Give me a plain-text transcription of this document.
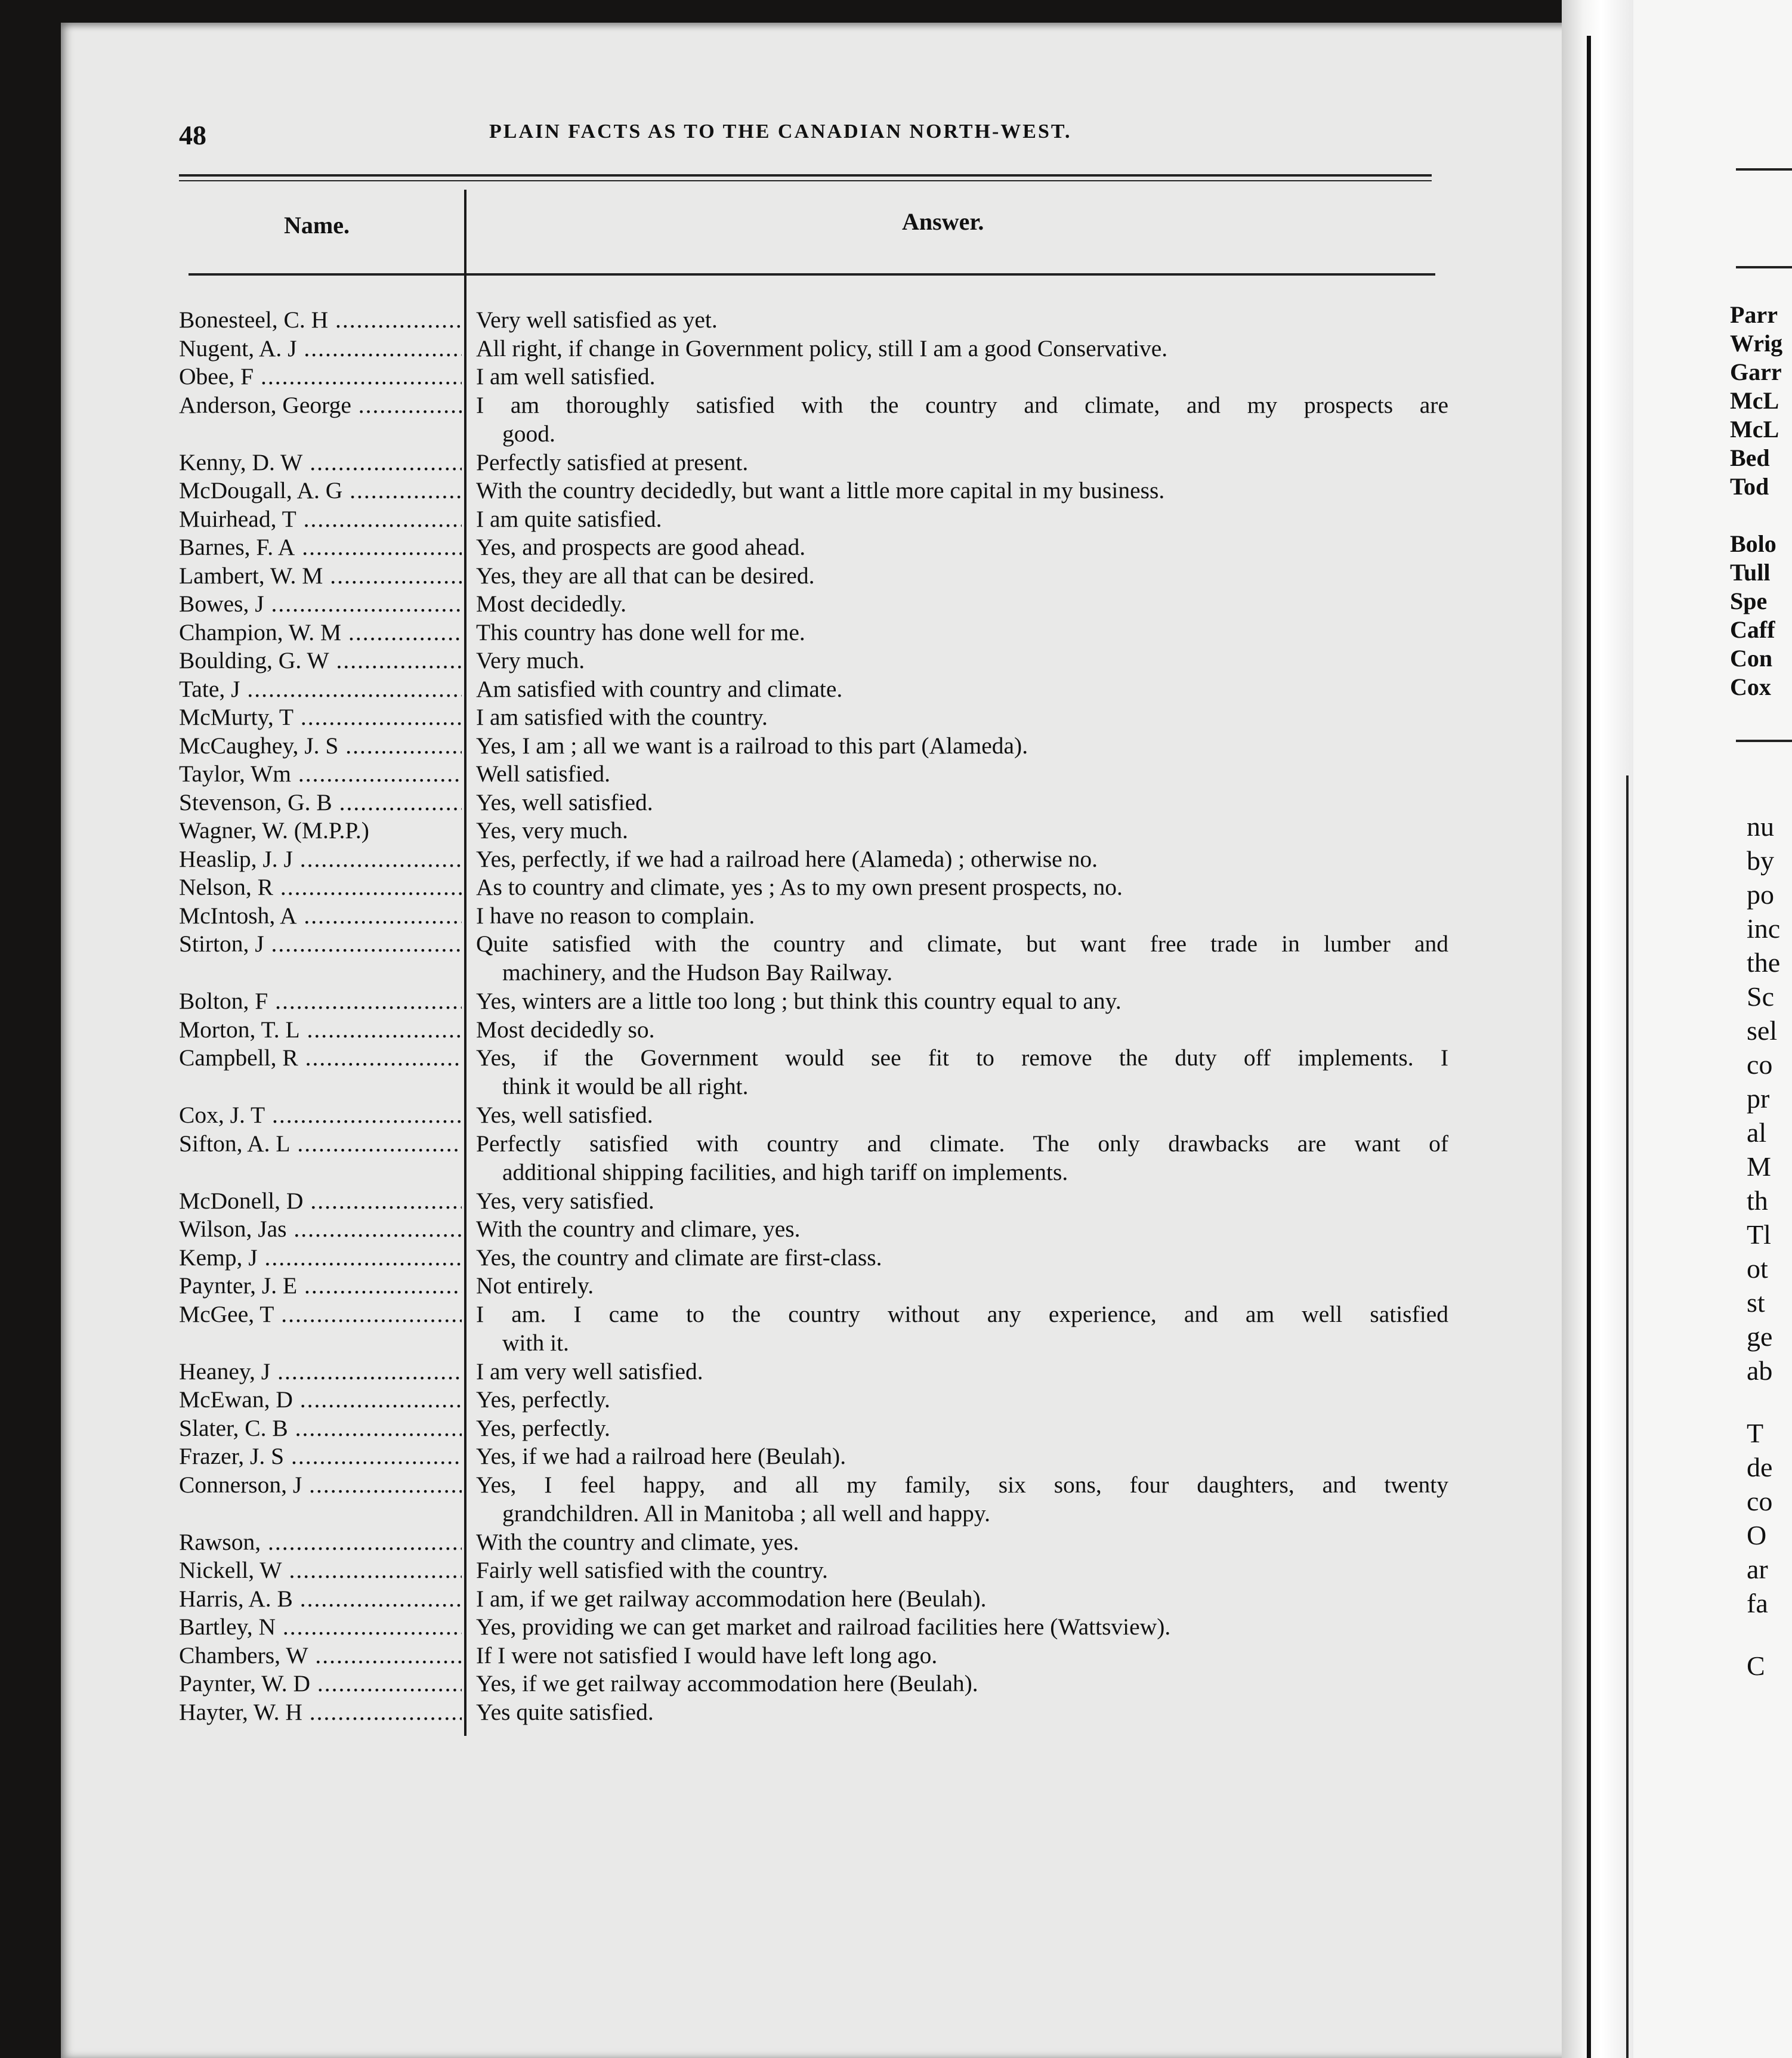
48	PLAIN FACTS AS TO THE CANADIAN NORTH-WEST.
Name.	Answer.
Bonesteel, C. H .....	Very well satisfied as yet.
Nugent, A. J .....	All right, if change in Government policy, still I am a good Conservative.
Obee, F .....	I am well satisfied.
Anderson, George .....	I am thoroughly satisfied with the country and climate, and my prospects are
good.
Kenny, D. W .....	Perfectly satisfied at present.
McDougall, A. G .....	With the country decidedly, but want a little more capital in my business.
Muirhead, T .....	I am quite satisfied.
Barnes, F. A .....	Yes, and prospects are good ahead.
Lambert, W. M .....	Yes, they are all that can be desired.
Bowes, J .....	Most decidedly.
Champion, W. M .....	This country has done well for me.
Boulding, G. W .....	Very much.
Tate, J .....	Am satisfied with country and climate.
McMurty, T .....	I am satisfied with the country.
McCaughey, J. S .....	Yes, I am ; all we want is a railroad to this part (Alameda).
Taylor, Wm .....	Well satisfied.
Stevenson, G. B .....	Yes, well satisfied.
Wagner, W. (M.P.P.)	Yes, very much.
Heaslip, J. J .....	Yes, perfectly, if we had a railroad here (Alameda) ; otherwise no.
Nelson, R .....	As to country and climate, yes ; As to my own present prospects, no.
McIntosh, A .....	I have no reason to complain.
Stirton, J .....	Quite satisfied with the country and climate, but want free trade in lumber and
machinery, and the Hudson Bay Railway.
Bolton, F .....	Yes, winters are a little too long ; but think this country equal to any.
Morton, T. L .....	Most decidedly so.
Campbell, R .....	Yes, if the Government would see fit to remove the duty off implements. I
think it would be all right.
Cox, J. T .....	Yes, well satisfied.
Sifton, A. L .....	Perfectly satisfied with country and climate. The only drawbacks are want of
additional shipping facilities, and high tariff on implements.
McDonell, D .....	Yes, very satisfied.
Wilson, Jas .....	With the country and climare, yes.
Kemp, J .....	Yes, the country and climate are first-class.
Paynter, J. E .....	Not entirely.
McGee, T .....	I am. I came to the country without any experience, and am well satisfied
with it.
Heaney, J .....	I am very well satisfied.
McEwan, D .....	Yes, perfectly.
Slater, C. B .....	Yes, perfectly.
Frazer, J. S .....	Yes, if we had a railroad here (Beulah).
Connerson, J .....	Yes, I feel happy, and all my family, six sons, four daughters, and twenty
grandchildren. All in Manitoba ; all well and happy.
Rawson, .....	With the country and climate, yes.
Nickell, W .....	Fairly well satisfied with the country.
Harris, A. B .....	I am, if we get railway accommodation here (Beulah).
Bartley, N .....	Yes, providing we can get market and railroad facilities here (Wattsview).
Chambers, W .....	If I were not satisfied I would have left long ago.
Paynter, W. D .....	Yes, if we get railway accommodation here (Beulah).
Hayter, W. H .....	Yes quite satisfied.
Parr
Wrig
Garr
McL
McL
Bed
Tod
Bolo
Tull
Spe
Caff
Con
Cox
nu
by
po
inc
the
Sc
sel
co
pr
al
M
th
Tl
ot
st
ge
ab
T
de
co
O
ar
fa
C
